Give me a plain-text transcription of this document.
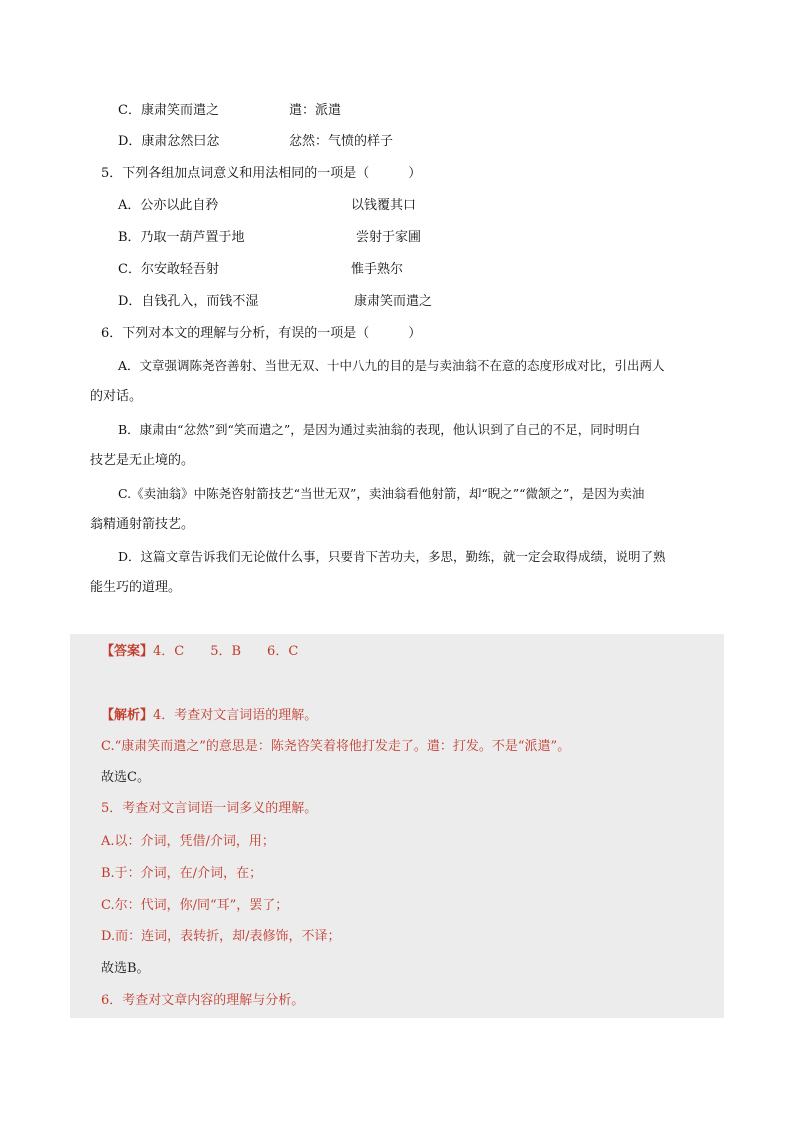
C．康肃笑而遣之	遣：派遣
D．康肃忿然曰忿	忿然：气愤的样子
5．下列各组加点词意义和用法相同的一项是（　　　）
A．公亦以此自矜	以钱覆其口
B．乃取一葫芦置于地	尝射于家圃
C．尔安敢轻吾射	惟手熟尔
D．自钱孔入，而钱不湿	康肃笑而遣之
6．下列对本文的理解与分析，有误的一项是（　　　）
A．文章强调陈尧咨善射、当世无双、十中八九的目的是与卖油翁不在意的态度形成对比，引出两人
的对话。
B．康肃由“忿然”到“笑而遣之”，是因为通过卖油翁的表现，他认识到了自己的不足，同时明白
技艺是无止境的。
C.《卖油翁》中陈尧咨射箭技艺“当世无双”，卖油翁看他射箭，却“睨之”“微颔之”，是因为卖油
翁精通射箭技艺。
D．这篇文章告诉我们无论做什么事，只要肯下苦功夫，多思，勤练，就一定会取得成绩，说明了熟
能生巧的道理。
【答案】4．C　　5．B　　6．C
【解析】4．考查对文言词语的理解。
C.“康肃笑而遣之”的意思是：陈尧咨笑着将他打发走了。遣：打发。不是“派遣”。
故选C。
5．考查对文言词语一词多义的理解。
A.以：介词，凭借/介词，用；
B.于：介词，在/介词，在；
C.尔：代词，你/同“耳”，罢了；
D.而：连词，表转折，却/表修饰，不译；
故选B。
6．考查对文章内容的理解与分析。
